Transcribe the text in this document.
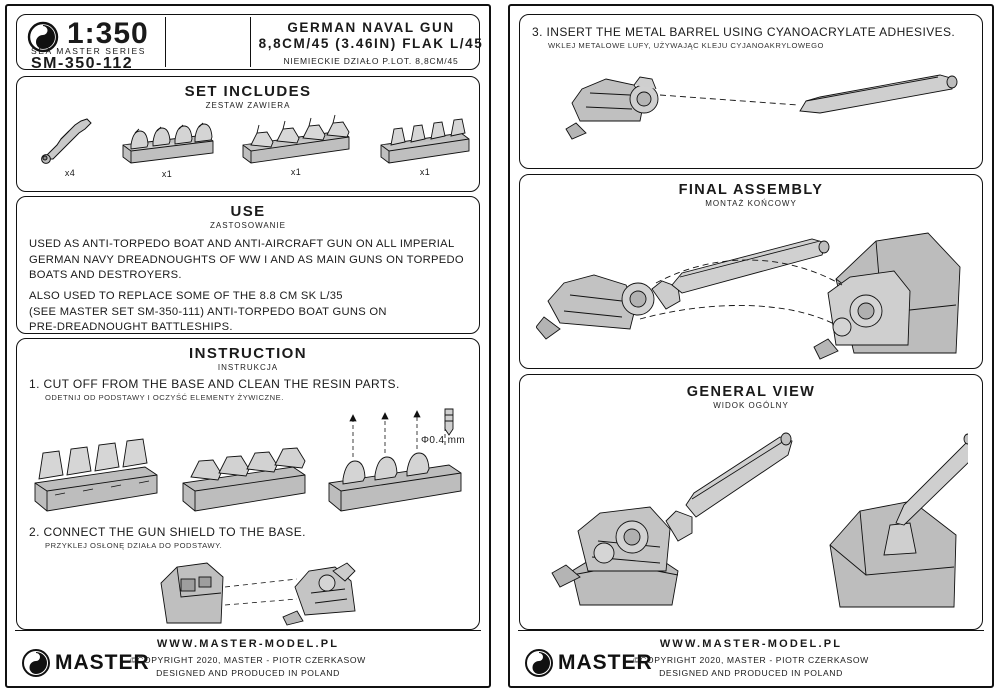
1:350
SEA MASTER SERIES
SM-350-112
GERMAN NAVAL GUN
8,8CM/45 (3.46IN) FLAK L/45
NIEMIECKIE DZIAŁO P.LOT. 8,8CM/45
SET INCLUDES
ZESTAW ZAWIERA
x4	x1	x1	x1
USE
ZASTOSOWANIE
USED AS ANTI-TORPEDO BOAT AND ANTI-AIRCRAFT GUN ON ALL IMPERIAL GERMAN NAVY DREADNOUGHTS OF WW I AND AS MAIN GUNS ON TORPEDO BOATS AND DESTROYERS.
ALSO USED TO REPLACE SOME OF THE 8.8 CM SK L/35
(SEE MASTER SET SM-350-111) ANTI-TORPEDO BOAT GUNS ON
PRE-DREADNOUGHT BATTLESHIPS.
INSTRUCTION
INSTRUKCJA
1. CUT OFF FROM THE BASE AND CLEAN THE RESIN PARTS.
ODETNIJ OD PODSTAWY I OCZYŚĆ ELEMENTY ŻYWICZNE.
Φ0.4 mm
2. CONNECT THE GUN SHIELD TO THE BASE.
PRZYKLEJ OSŁONĘ DZIAŁA DO PODSTAWY.
MASTER
WWW.MASTER-MODEL.PL
©COPYRIGHT 2020, MASTER - PIOTR CZERKASOW
DESIGNED AND PRODUCED IN POLAND
3. INSERT THE METAL BARREL USING CYANOACRYLATE ADHESIVES.
WKLEJ METALOWE LUFY, UŻYWAJĄC KLEJU CYJANOAKRYLOWEGO
FINAL ASSEMBLY
MONTAŻ KOŃCOWY
GENERAL VIEW
WIDOK OGÓLNY
MASTER
WWW.MASTER-MODEL.PL
©COPYRIGHT 2020, MASTER - PIOTR CZERKASOW
DESIGNED AND PRODUCED IN POLAND
